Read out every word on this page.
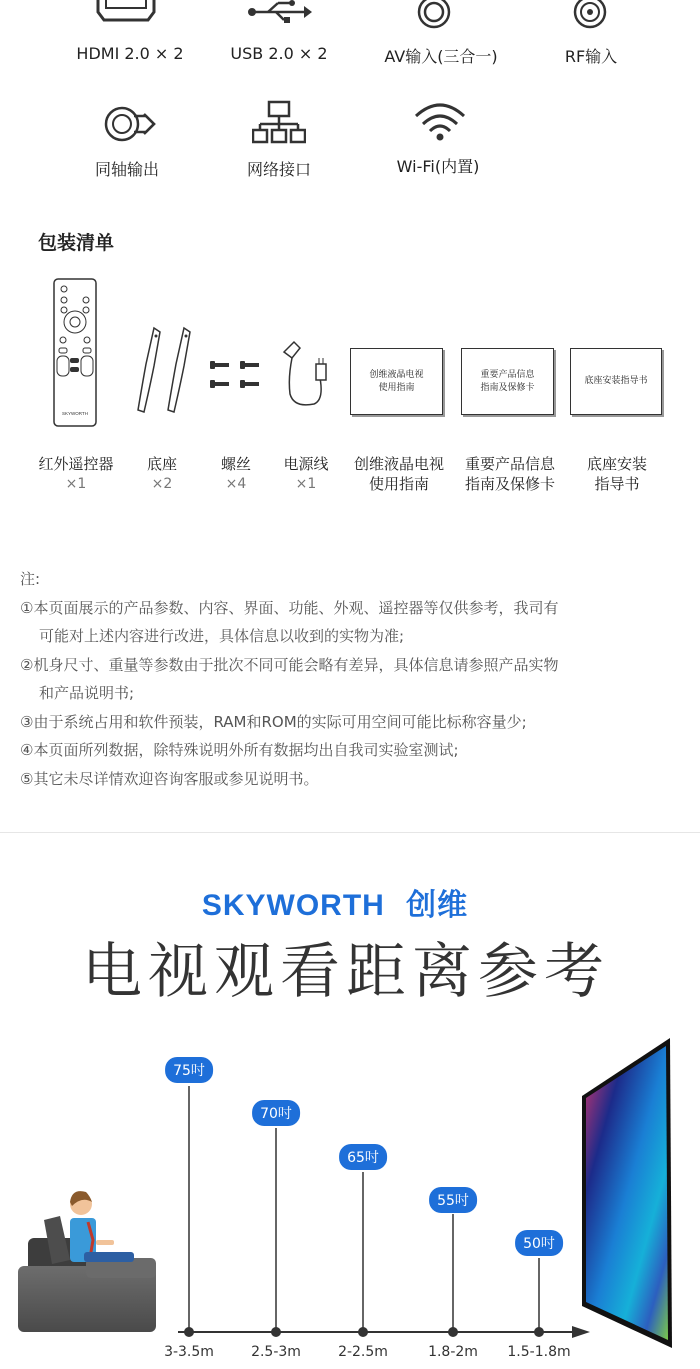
HDMI 2.0 × 2	USB 2.0 × 2	AV输入(三合一)	RF输入
同轴输出	网络接口	Wi-Fi(内置)
包装清单
SKYWORTH
创维液晶电视
使用指南
重要产品信息
指南及保修卡
底座安装指导书
红外遥控器
×1
底座
×2
螺丝
×4
电源线
×1
创维液晶电视
使用指南
重要产品信息
指南及保修卡
底座安装
指导书
注:
①本页面展示的产品参数、内容、界面、功能、外观、遥控器等仅供参考，我司有
可能对上述内容进行改进，具体信息以收到的实物为准;
②机身尺寸、重量等参数由于批次不同可能会略有差异，具体信息请参照产品实物
和产品说明书;
③由于系统占用和软件预装，RAM和ROM的实际可用空间可能比标称容量少;
④本页面所列数据，除特殊说明外所有数据均出自我司实验室测试;
⑤其它未尽详情欢迎咨询客服或参见说明书。
SKYWORTH 创维
电视观看距离参考
75吋
70吋
65吋
55吋
50吋
3-3.5m	2.5-3m	2-2.5m	1.8-2m 1.5-1.8m
